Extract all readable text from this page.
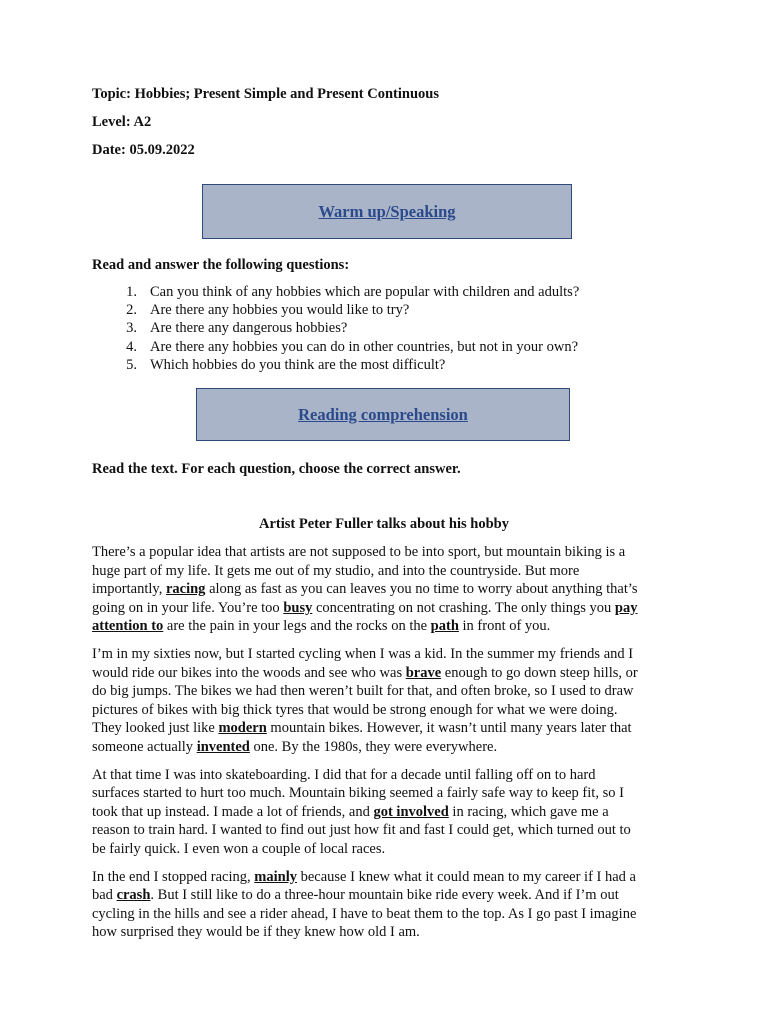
Topic: Hobbies; Present Simple and Present Continuous

Level: A2

Date: 05.09.2022

Warm up/Speaking

Read and answer the following questions:

1. Can you think of any hobbies which are popular with children and adults?
2. Are there any hobbies you would like to try?
3. Are there any dangerous hobbies?
4. Are there any hobbies you can do in other countries, but not in your own?
5. Which hobbies do you think are the most difficult?
Reading comprehension

Read the text. For each question, choose the correct answer.

Artist Peter Fuller talks about his hobby

There’s a popular idea that artists are not supposed to be into sport, but mountain biking is a
huge part of my life. It gets me out of my studio, and into the countryside. But more
importantly, racing along as fast as you can leaves you no time to worry about anything that’s
going on in your life. You’re too busy concentrating on not crashing. The only things you pay
attention to are the pain in your legs and the rocks on the path in front of you.

I’m in my sixties now, but I started cycling when I was a kid. In the summer my friends and I
would ride our bikes into the woods and see who was brave enough to go down steep hills, or
do big jumps. The bikes we had then weren’t built for that, and often broke, so I used to draw
pictures of bikes with big thick tyres that would be strong enough for what we were doing.
They looked just like modern mountain bikes. However, it wasn’t until many years later that
someone actually invented one. By the 1980s, they were everywhere.

At that time I was into skateboarding. I did that for a decade until falling off on to hard
surfaces started to hurt too much. Mountain biking seemed a fairly safe way to keep fit, so I
took that up instead. I made a lot of friends, and got involved in racing, which gave me a
reason to train hard. I wanted to find out just how fit and fast I could get, which turned out to
be fairly quick. I even won a couple of local races.

In the end I stopped racing, mainly because I knew what it could mean to my career if I had a
bad crash. But I still like to do a three-hour mountain bike ride every week. And if I’m out
cycling in the hills and see a rider ahead, I have to beat them to the top. As I go past I imagine
how surprised they would be if they knew how old I am.
